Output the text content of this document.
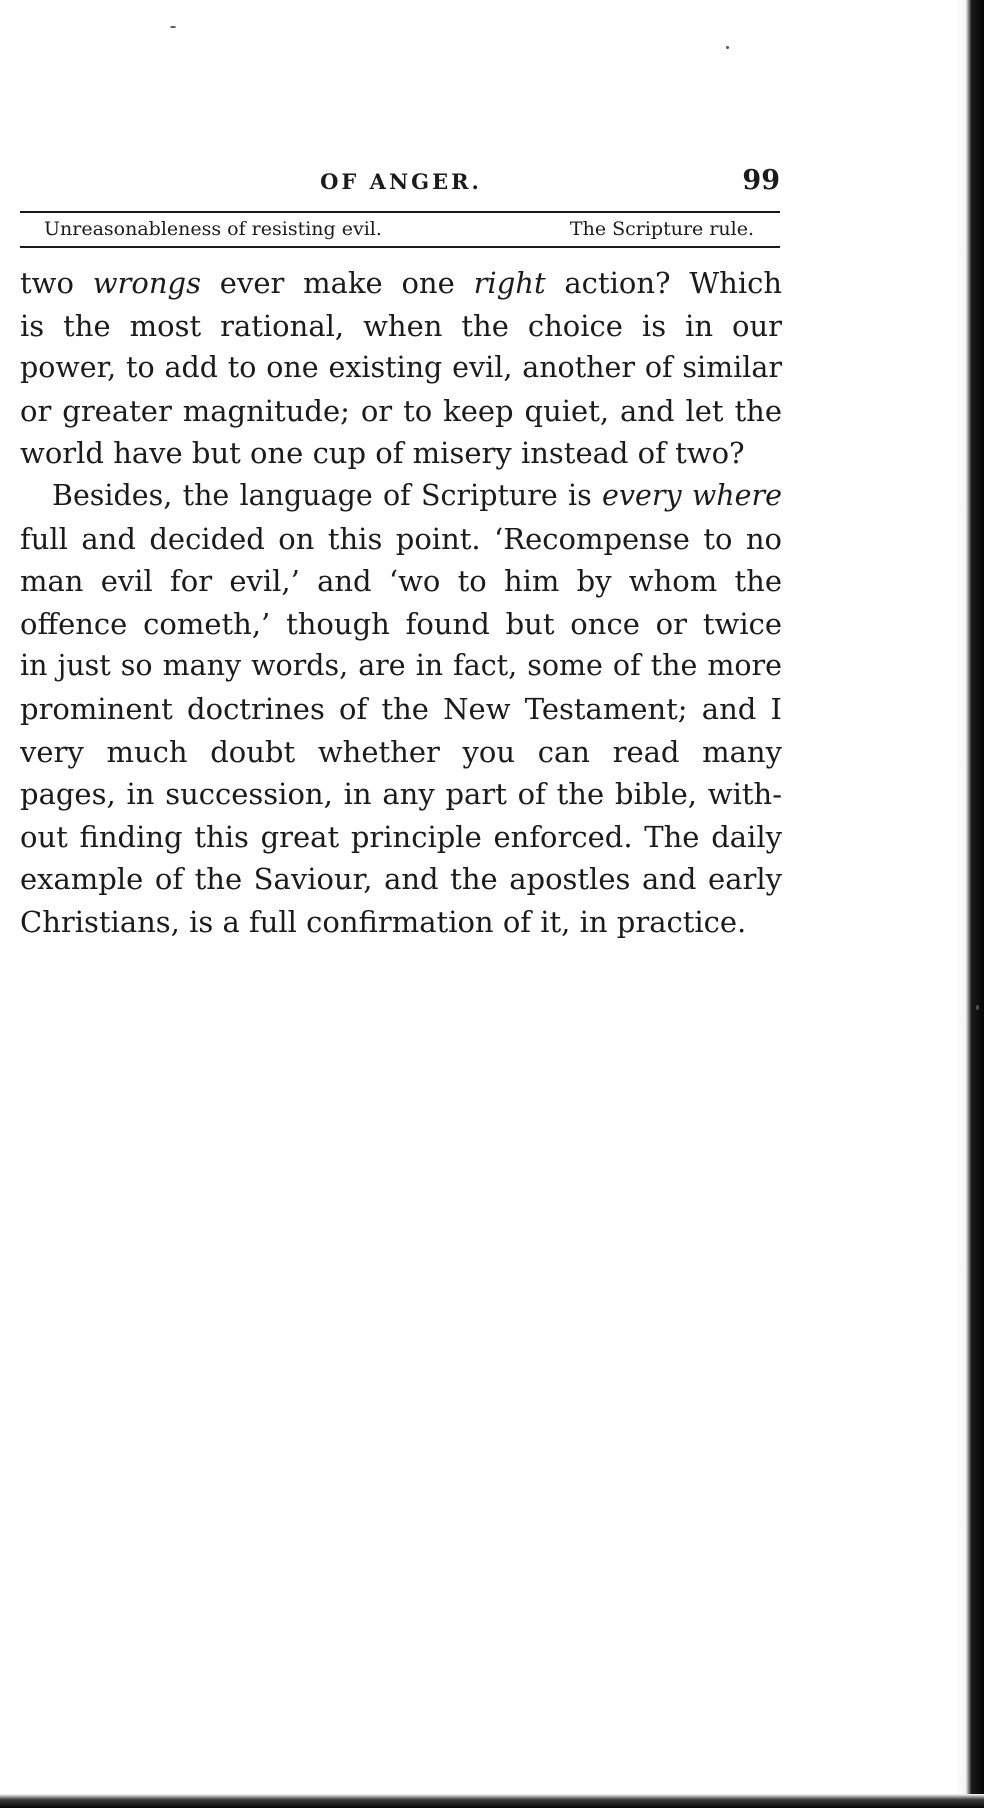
OF ANGER.	99
Unreasonableness of resisting evil.	The Scripture rule.

two wrongs ever make one right action? Which
is the most rational, when the choice is in our
power, to add to one existing evil, another of similar
or greater magnitude; or to keep quiet, and let the
world have but one cup of misery instead of two?

Besides, the language of Scripture is every where
full and decided on this point. ‘Recompense to no
man evil for evil,’ and ‘wo to him by whom the
offence cometh,’ though found but once or twice
in just so many words, are in fact, some of the more
prominent doctrines of the New Testament; and I
very much doubt whether you can read many
pages, in succession, in any part of the bible, with-
out finding this great principle enforced. The daily
example of the Saviour, and the apostles and early
Christians, is a full confirmation of it, in practice.
